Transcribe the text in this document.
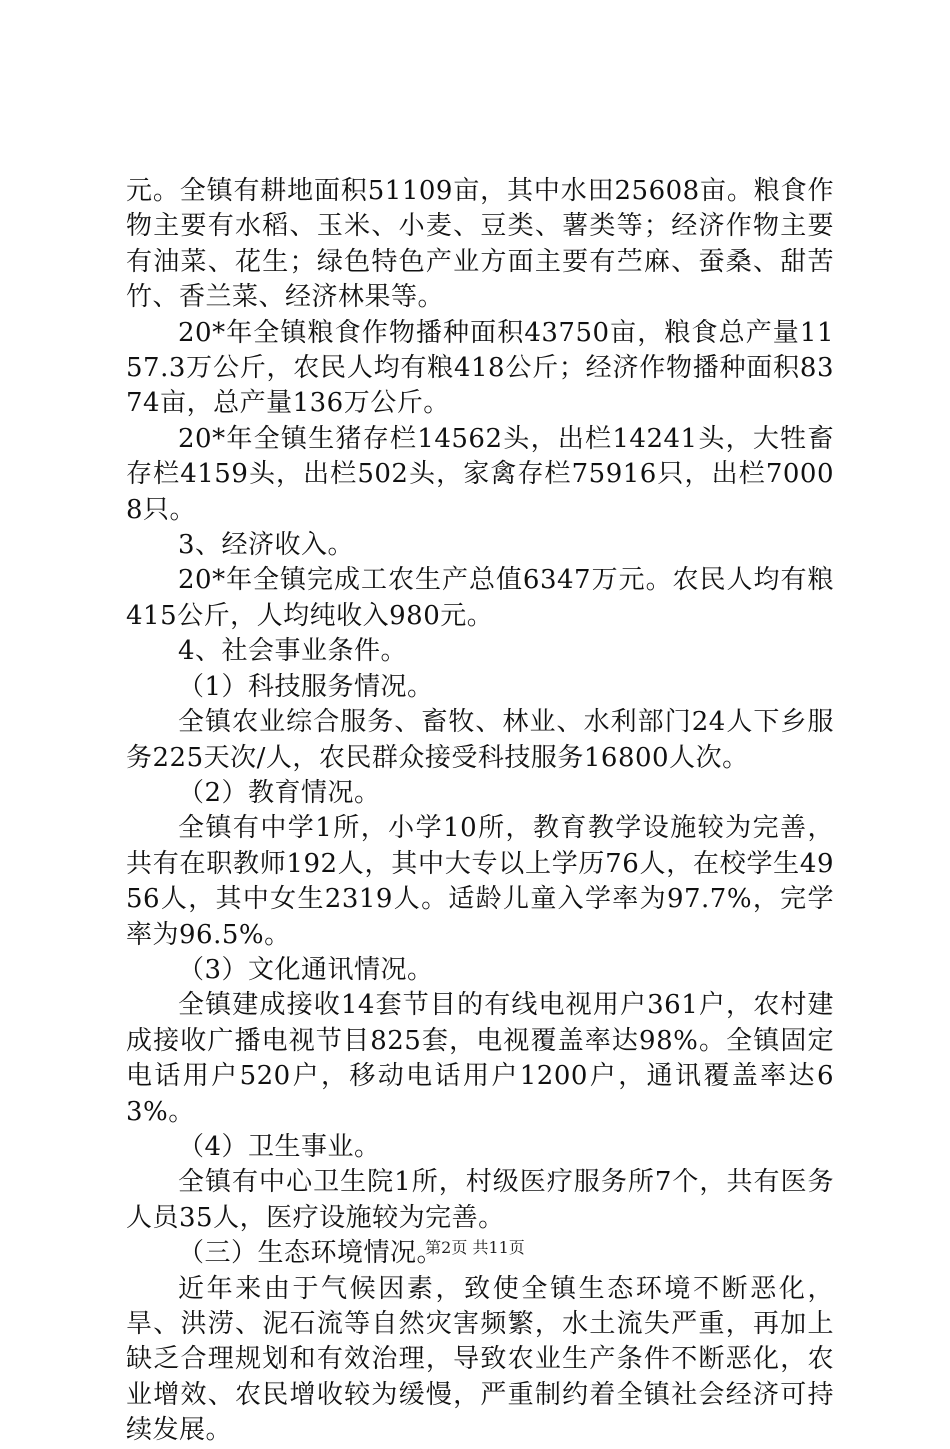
元。全镇有耕地面积51109亩，其中水田25608亩。粮食作物主要有水稻、玉米、小麦、豆类、薯类等；经济作物主要有油菜、花生；绿色特色产业方面主要有苎麻、蚕桑、甜苦竹、香兰菜、经济林果等。

20*年全镇粮食作物播种面积43750亩，粮食总产量1157.3万公斤，农民人均有粮418公斤；经济作物播种面积8374亩，总产量136万公斤。

20*年全镇生猪存栏14562头，出栏14241头，大牲畜存栏4159头，出栏502头，家禽存栏75916只，出栏70008只。

3、经济收入。

20*年全镇完成工农生产总值6347万元。农民人均有粮415公斤，人均纯收入980元。

4、社会事业条件。

（1）科技服务情况。

全镇农业综合服务、畜牧、林业、水利部门24人下乡服务225天次/人，农民群众接受科技服务16800人次。

（2）教育情况。

全镇有中学1所，小学10所，教育教学设施较为完善，共有在职教师192人，其中大专以上学历76人，在校学生4956人，其中女生2319人。适龄儿童入学率为97.7%，完学率为96.5%。

（3）文化通讯情况。

全镇建成接收14套节目的有线电视用户361户，农村建成接收广播电视节目825套，电视覆盖率达98%。全镇固定电话用户520户，移动电话用户1200户，通讯覆盖率达63%。

（4）卫生事业。

全镇有中心卫生院1所，村级医疗服务所7个，共有医务人员35人，医疗设施较为完善。

（三）生态环境情况。

近年来由于气候因素，致使全镇生态环境不断恶化，旱、洪涝、泥石流等自然灾害频繁，水土流失严重，再加上缺乏合理规划和有效治理，导致农业生产条件不断恶化，农业增效、农民增收较为缓慢，严重制约着全镇社会经济可持续发展。

第2页 共11页
